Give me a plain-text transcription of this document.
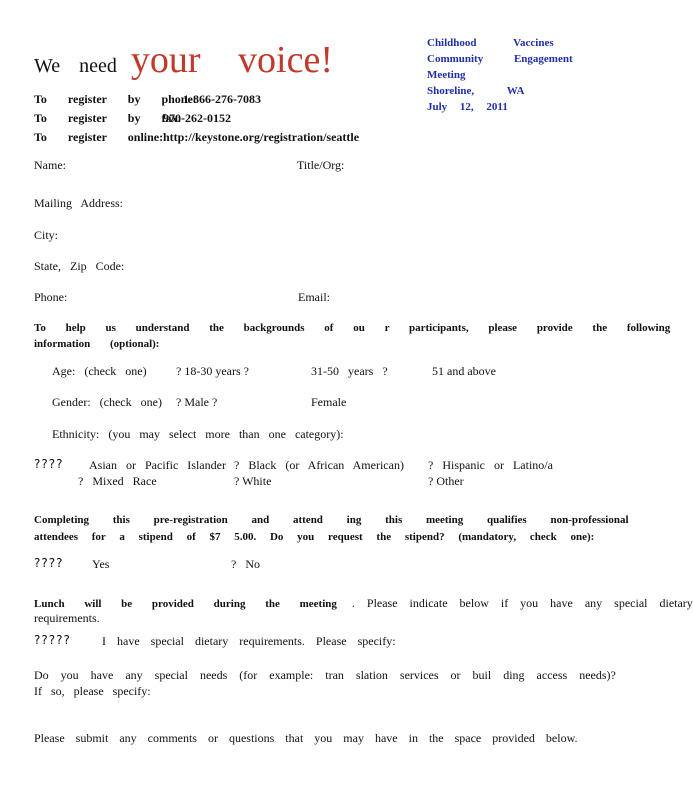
We need your voice!	Childhood Vaccines
Community Engagement
Meeting
Shoreline, WA
July 12, 2011
To register by phone:
1-866-276-7083
To register by fax:
970-262-0152
To register online: http://keystone.org/registration/seattle
Name:	Title/Org:
Mailing Address:
City:
State, Zip Code:
Phone:	Email:
To help us understand the backgrounds of ou r participants, please provide the following
information (optional):
Age: (check one) ? 18-30 years ?	31-50 years ?	51 and above
Gender: (check one) ? Male ?	Female
Ethnicity: (you may select more than one category):
???? Asian or Pacific Islander ? Black (or African American) ? Hispanic or Latino/a
? Mixed Race	? White	? Other
Completing this pre-registration and attend ing this meeting qualifies non-professional
attendees for a stipend of $7 5.00. Do you request the stipend? (mandatory, check one):
???? Yes	? No
Lunch will be provided during the meeting . Please indicate below if you have any special dietary
requirements.
?????	I have special dietary requirements. Please specify:
Do you have any special needs (for example: tran slation services or buil ding access needs)?
If so, please specify:
Please submit any comments or questions that you may have in the space provided below.
